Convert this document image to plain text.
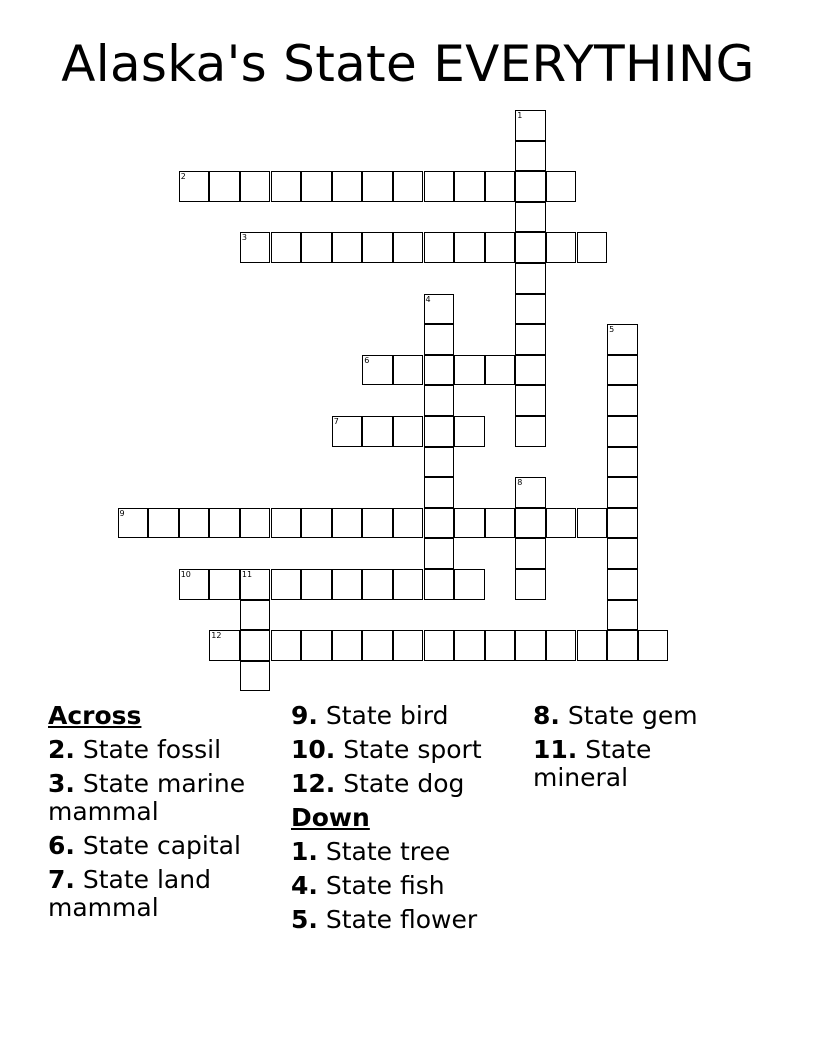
Alaska's State EVERYTHING
1
2
3
4
5
6
7
8
9
10	11
12
Across
2. State fossil
3. State marine mammal
6. State capital
7. State land mammal
9. State bird
10. State sport
12. State dog
Down
1. State tree
4. State fish
5. State flower
8. State gem
11. State mineral
